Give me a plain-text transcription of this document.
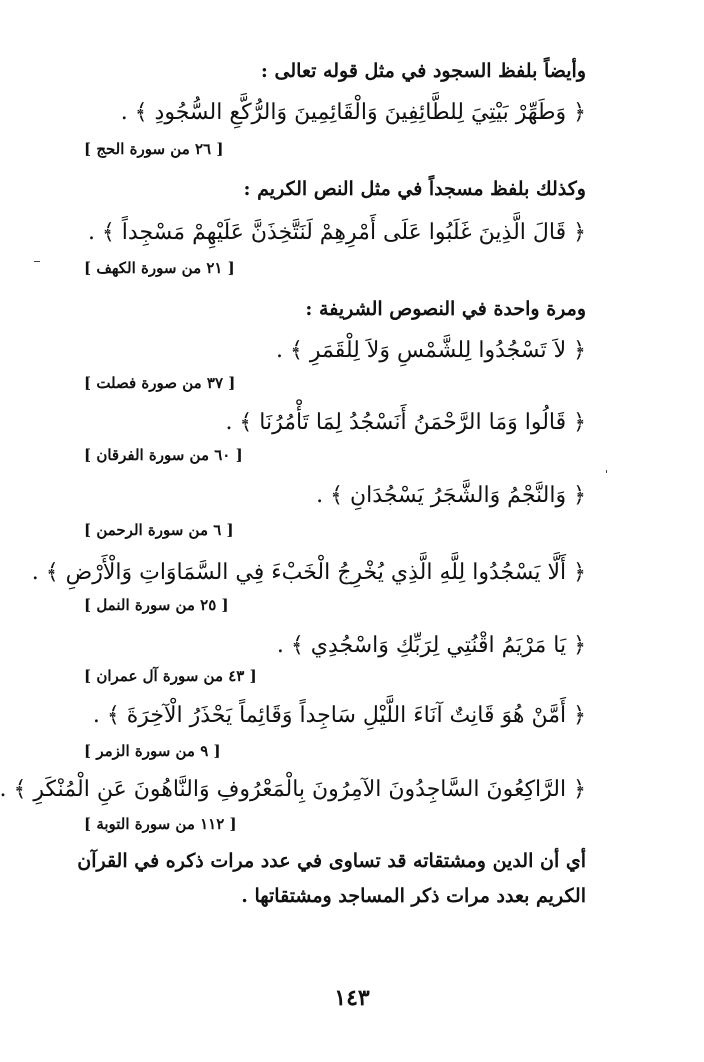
وأيضاً بلفظ السجود في مثل قوله تعالى :
﴿ وَطَهِّرْ بَيْتِيَ لِلطَّائِفِينَ وَالْقَائِمِينَ وَالرُّكَّعِ السُّجُودِ ﴾ .
[ ٢٦ من سورة الحج ]
وكذلك بلفظ مسجداً في مثل النص الكريم :
﴿ قَالَ الَّذِينَ غَلَبُوا عَلَى أَمْرِهِمْ لَنَتَّخِذَنَّ عَلَيْهِمْ مَسْجِداً ﴾ .
[ ٢١ من سورة الكهف ]
ومرة واحدة في النصوص الشريفة :
﴿ لاَ تَسْجُدُوا لِلشَّمْسِ وَلاَ لِلْقَمَرِ ﴾ .
[ ٣٧ من صورة فصلت ]
﴿ قَالُوا وَمَا الرَّحْمَنُ أَنَسْجُدُ لِمَا تَأْمُرُنَا ﴾ .
[ ٦٠ من سورة الفرقان ]
﴿ وَالنَّجْمُ وَالشَّجَرُ يَسْجُدَانِ ﴾ .
[ ٦ من سورة الرحمن ]
﴿ أَلَّا يَسْجُدُوا لِلَّهِ الَّذِي يُخْرِجُ الْخَبْءَ فِي السَّمَاوَاتِ وَالْأَرْضِ ﴾ .
[ ٢٥ من سورة النمل ]
﴿ يَا مَرْيَمُ اقْنُتِي لِرَبِّكِ وَاسْجُدِي ﴾ .
[ ٤٣ من سورة آل عمران ]
﴿ أَمَّنْ هُوَ قَانِتٌ آنَاءَ اللَّيْلِ سَاجِداً وَقَائِماً يَحْذَرُ الْآخِرَةَ ﴾ .
[ ٩ من سورة الزمر ]
﴿ الرَّاكِعُونَ السَّاجِدُونَ الآمِرُونَ بِالْمَعْرُوفِ وَالنَّاهُونَ عَنِ الْمُنْكَرِ ﴾ .
[ ١١٢ من سورة التوبة ]
أي أن الدين ومشتقاته قد تساوى في عدد مرات ذكره في القرآن
الكريم بعدد مرات ذكر المساجد ومشتقاتها .
١٤٣
